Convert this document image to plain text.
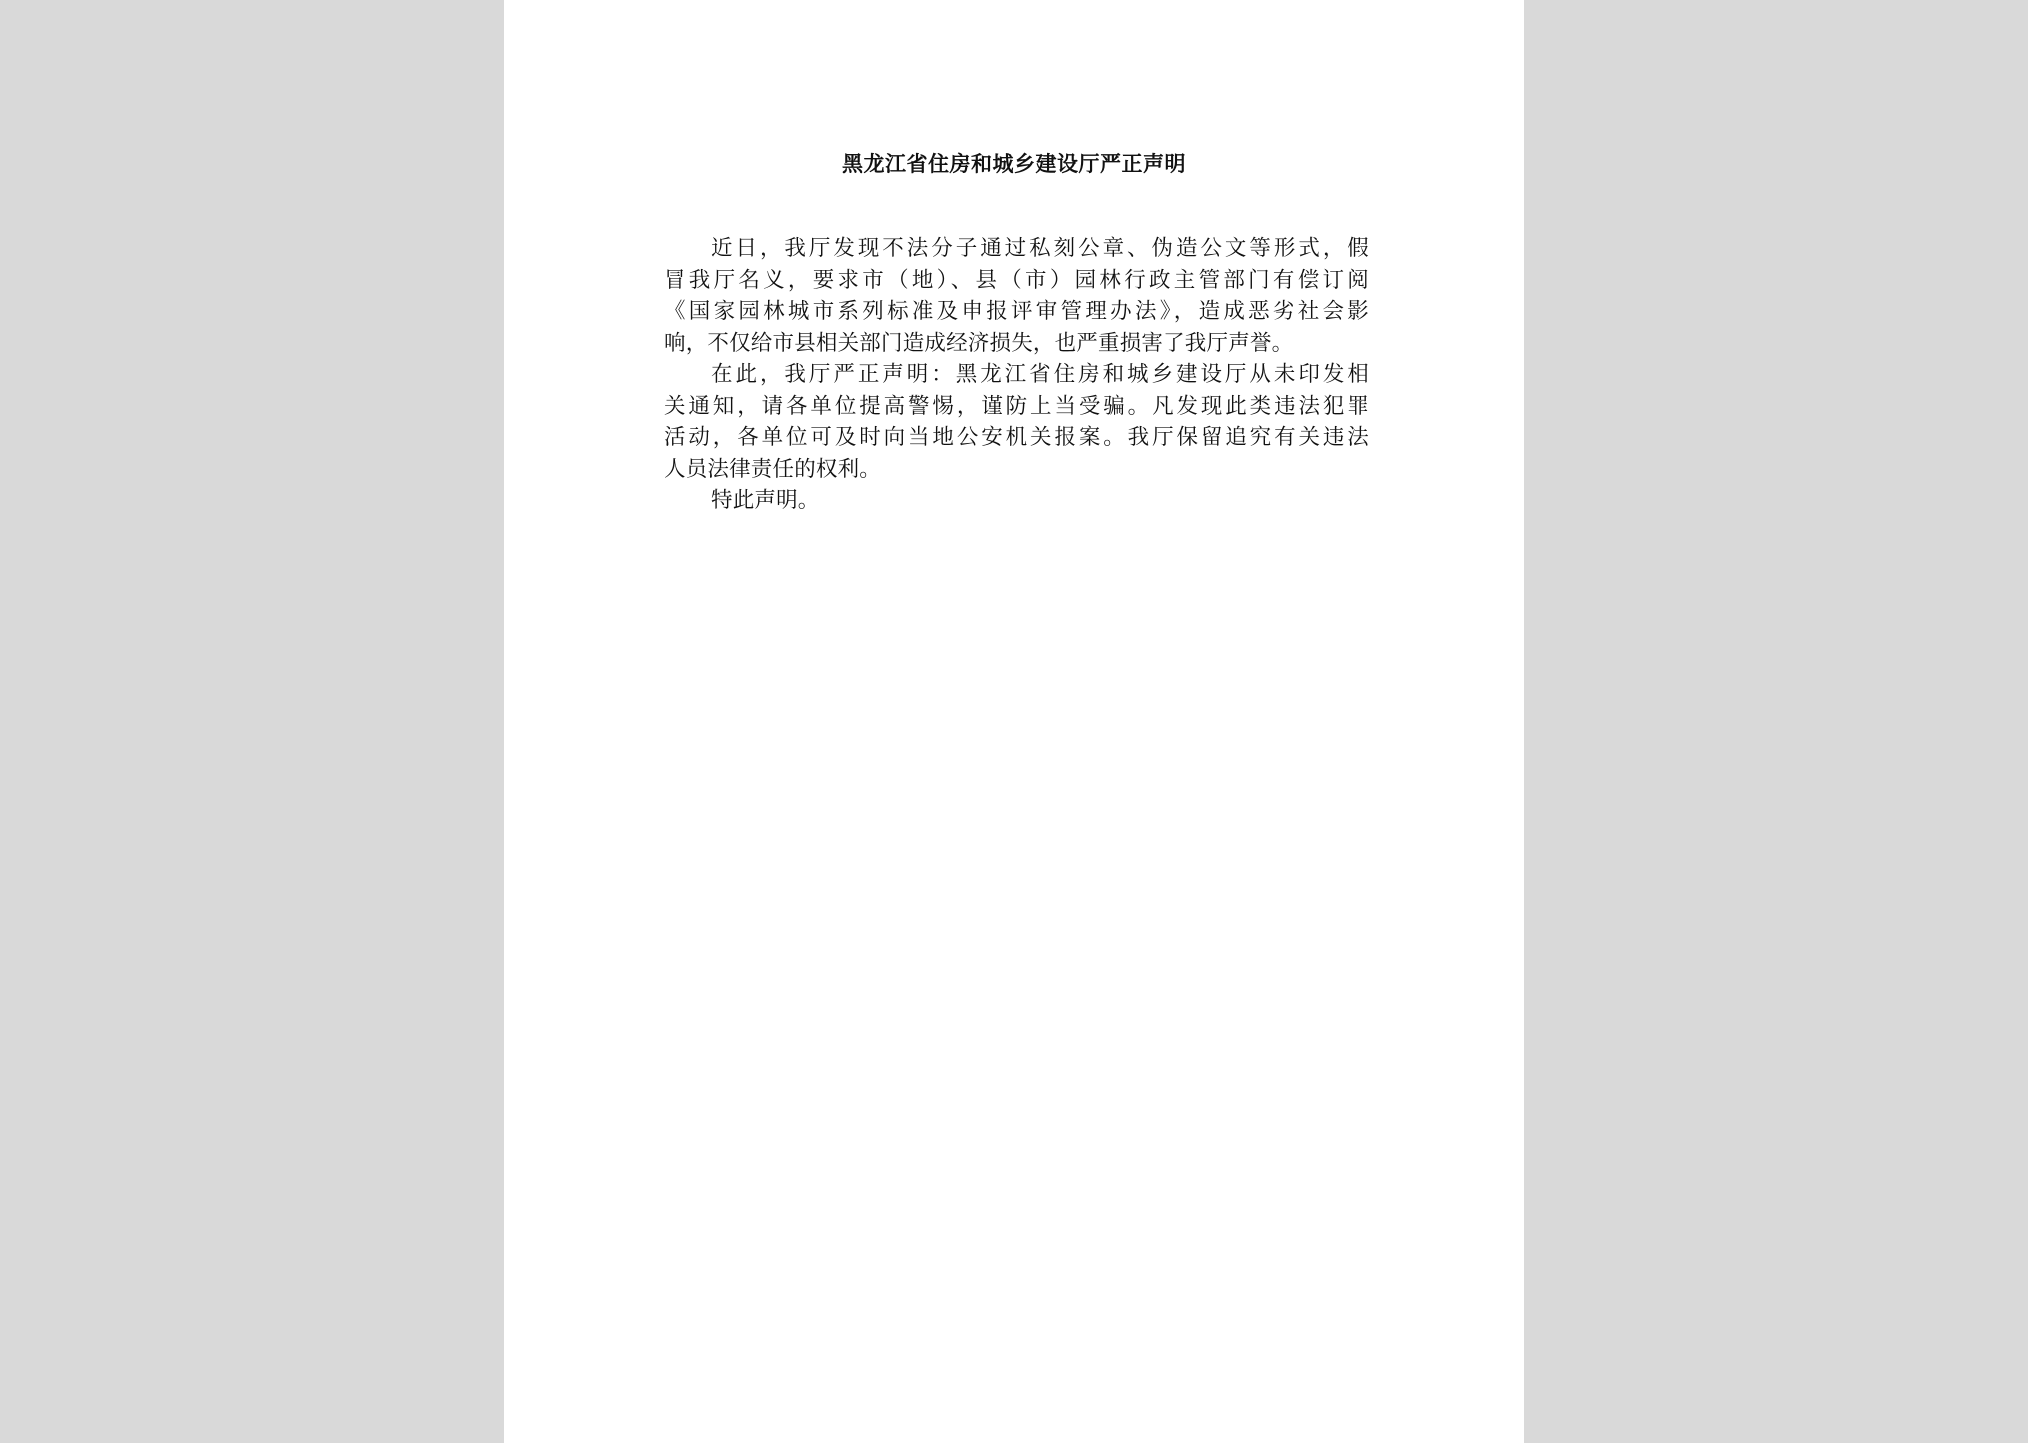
黑龙江省住房和城乡建设厅严正声明
近日，我厅发现不法分子通过私刻公章、伪造公文等形式，假
冒我厅名义，要求市（地）、县（市）园林行政主管部门有偿订阅
《国家园林城市系列标准及申报评审管理办法》，造成恶劣社会影
响，不仅给市县相关部门造成经济损失，也严重损害了我厅声誉。
在此，我厅严正声明：黑龙江省住房和城乡建设厅从未印发相
关通知，请各单位提高警惕，谨防上当受骗。凡发现此类违法犯罪
活动，各单位可及时向当地公安机关报案。我厅保留追究有关违法
人员法律责任的权利。
特此声明。
